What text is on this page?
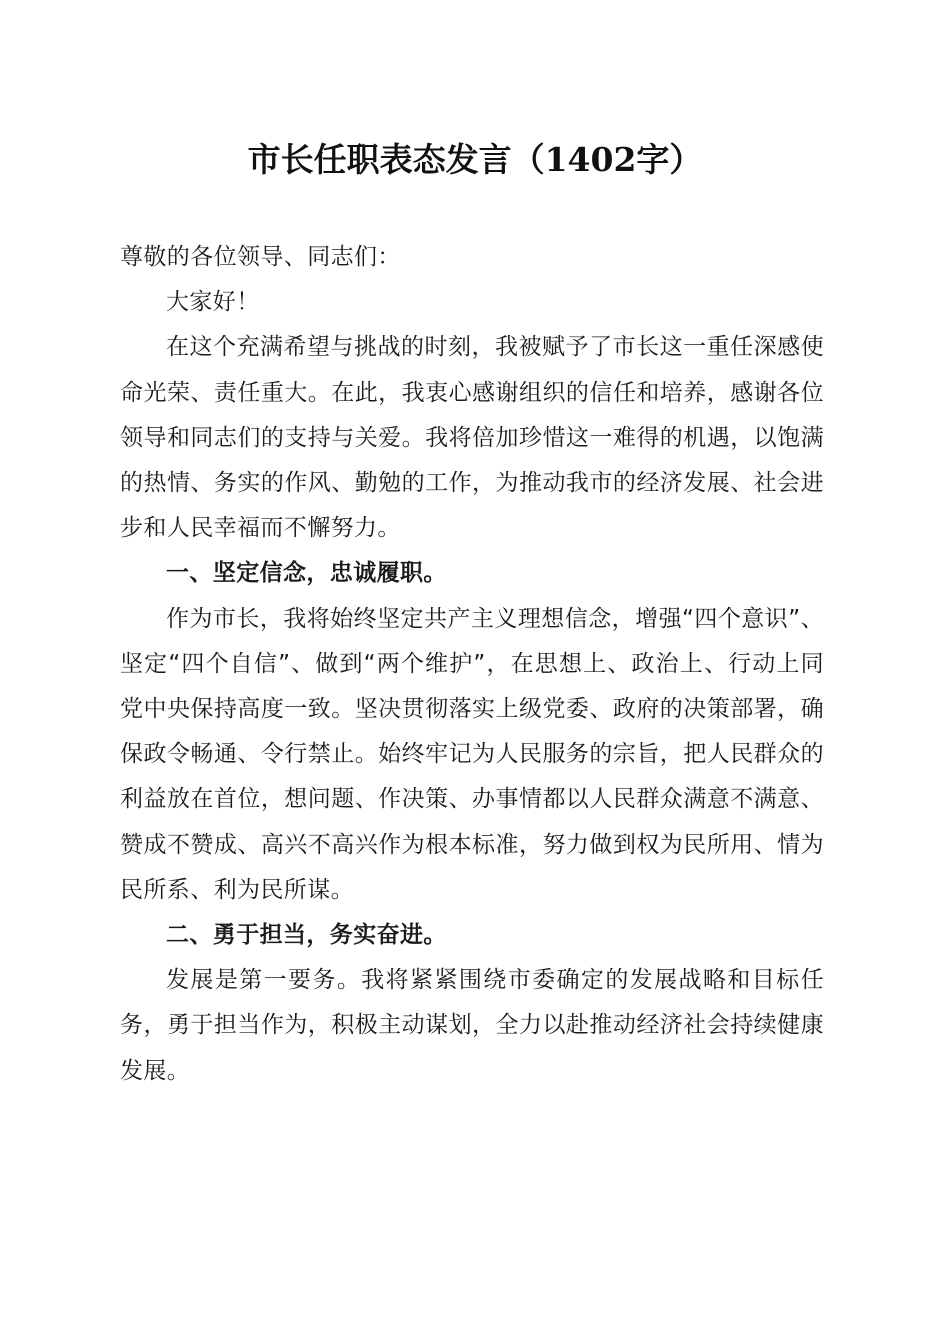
市长任职表态发言（1402字）

尊敬的各位领导、同志们：

大家好！

在这个充满希望与挑战的时刻，我被赋予了市长这一重任深感使命光荣、责任重大。在此，我衷心感谢组织的信任和培养，感谢各位领导和同志们的支持与关爱。我将倍加珍惜这一难得的机遇，以饱满的热情、务实的作风、勤勉的工作，为推动我市的经济发展、社会进步和人民幸福而不懈努力。

一、坚定信念，忠诚履职。

作为市长，我将始终坚定共产主义理想信念，增强“四个意识”、坚定“四个自信”、做到“两个维护”，在思想上、政治上、行动上同党中央保持高度一致。坚决贯彻落实上级党委、政府的决策部署，确保政令畅通、令行禁止。始终牢记为人民服务的宗旨，把人民群众的利益放在首位，想问题、作决策、办事情都以人民群众满意不满意、赞成不赞成、高兴不高兴作为根本标准，努力做到权为民所用、情为民所系、利为民所谋。

二、勇于担当，务实奋进。

发展是第一要务。我将紧紧围绕市委确定的发展战略和目标任务，勇于担当作为，积极主动谋划，全力以赴推动经济社会持续健康发展。
